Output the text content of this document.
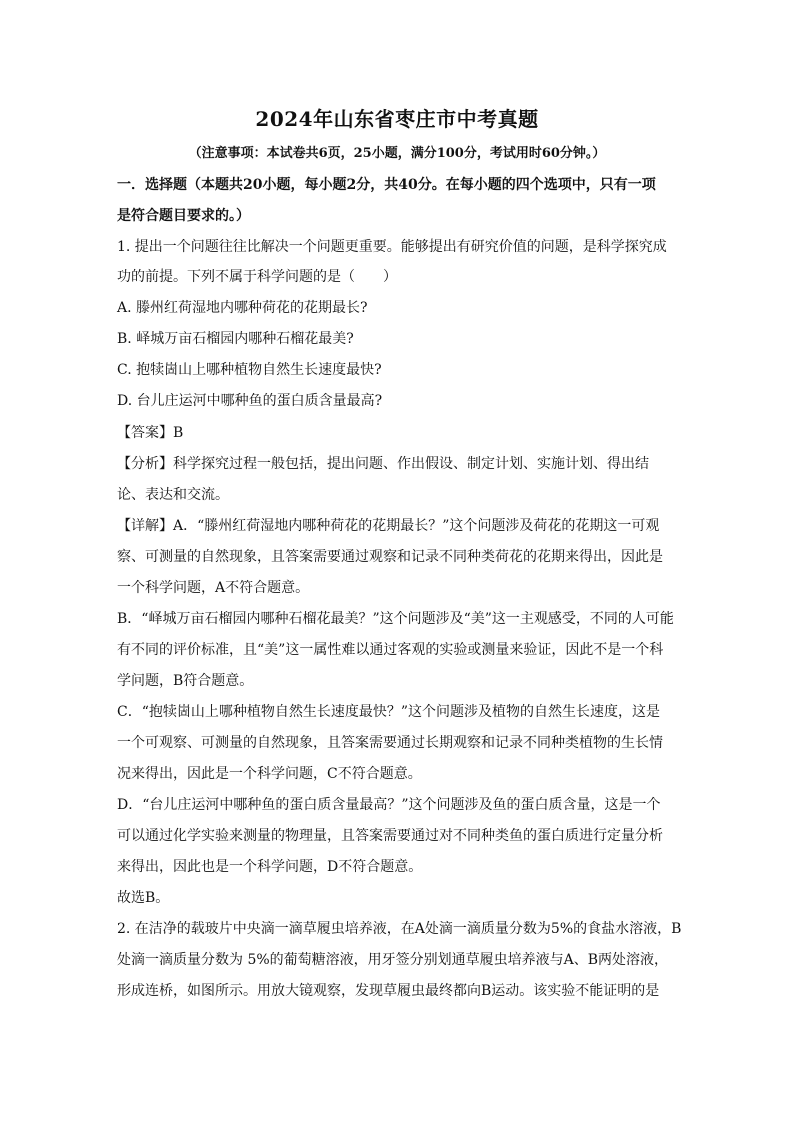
2024年山东省枣庄市中考真题
（注意事项：本试卷共6页，25小题，满分100分，考试用时60分钟。）
一．选择题（本题共20小题，每小题2分，共40分。在每小题的四个选项中，只有一项
是符合题目要求的。）
1. 提出一个问题往往比解决一个问题更重要。能够提出有研究价值的问题，是科学探究成
功的前提。下列不属于科学问题的是（　　）
A. 滕州红荷湿地内哪种荷花的花期最长?
B. 峄城万亩石榴园内哪种石榴花最美?
C. 抱犊崮山上哪种植物自然生长速度最快?
D. 台儿庄运河中哪种鱼的蛋白质含量最高?
【答案】B
【分析】科学探究过程一般包括，提出问题、作出假设、制定计划、实施计划、得出结
论、表达和交流。
【详解】A．“滕州红荷湿地内哪种荷花的花期最长？”这个问题涉及荷花的花期这一可观
察、可测量的自然现象，且答案需要通过观察和记录不同种类荷花的花期来得出，因此是
一个科学问题，A不符合题意。
B．“峄城万亩石榴园内哪种石榴花最美？”这个问题涉及“美”这一主观感受，不同的人可能
有不同的评价标准，且“美”这一属性难以通过客观的实验或测量来验证，因此不是一个科
学问题，B符合题意。
C．“抱犊崮山上哪种植物自然生长速度最快？”这个问题涉及植物的自然生长速度，这是
一个可观察、可测量的自然现象，且答案需要通过长期观察和记录不同种类植物的生长情
况来得出，因此是一个科学问题，C不符合题意。
D．“台儿庄运河中哪种鱼的蛋白质含量最高？”这个问题涉及鱼的蛋白质含量，这是一个
可以通过化学实验来测量的物理量，且答案需要通过对不同种类鱼的蛋白质进行定量分析
来得出，因此也是一个科学问题，D不符合题意。
故选B。
2. 在洁净的载玻片中央滴一滴草履虫培养液，在A处滴一滴质量分数为5%的食盐水溶液，B
处滴一滴质量分数为 5%的葡萄糖溶液，用牙签分别划通草履虫培养液与A、B两处溶液，
形成连桥，如图所示。用放大镜观察，发现草履虫最终都向B运动。该实验不能证明的是
